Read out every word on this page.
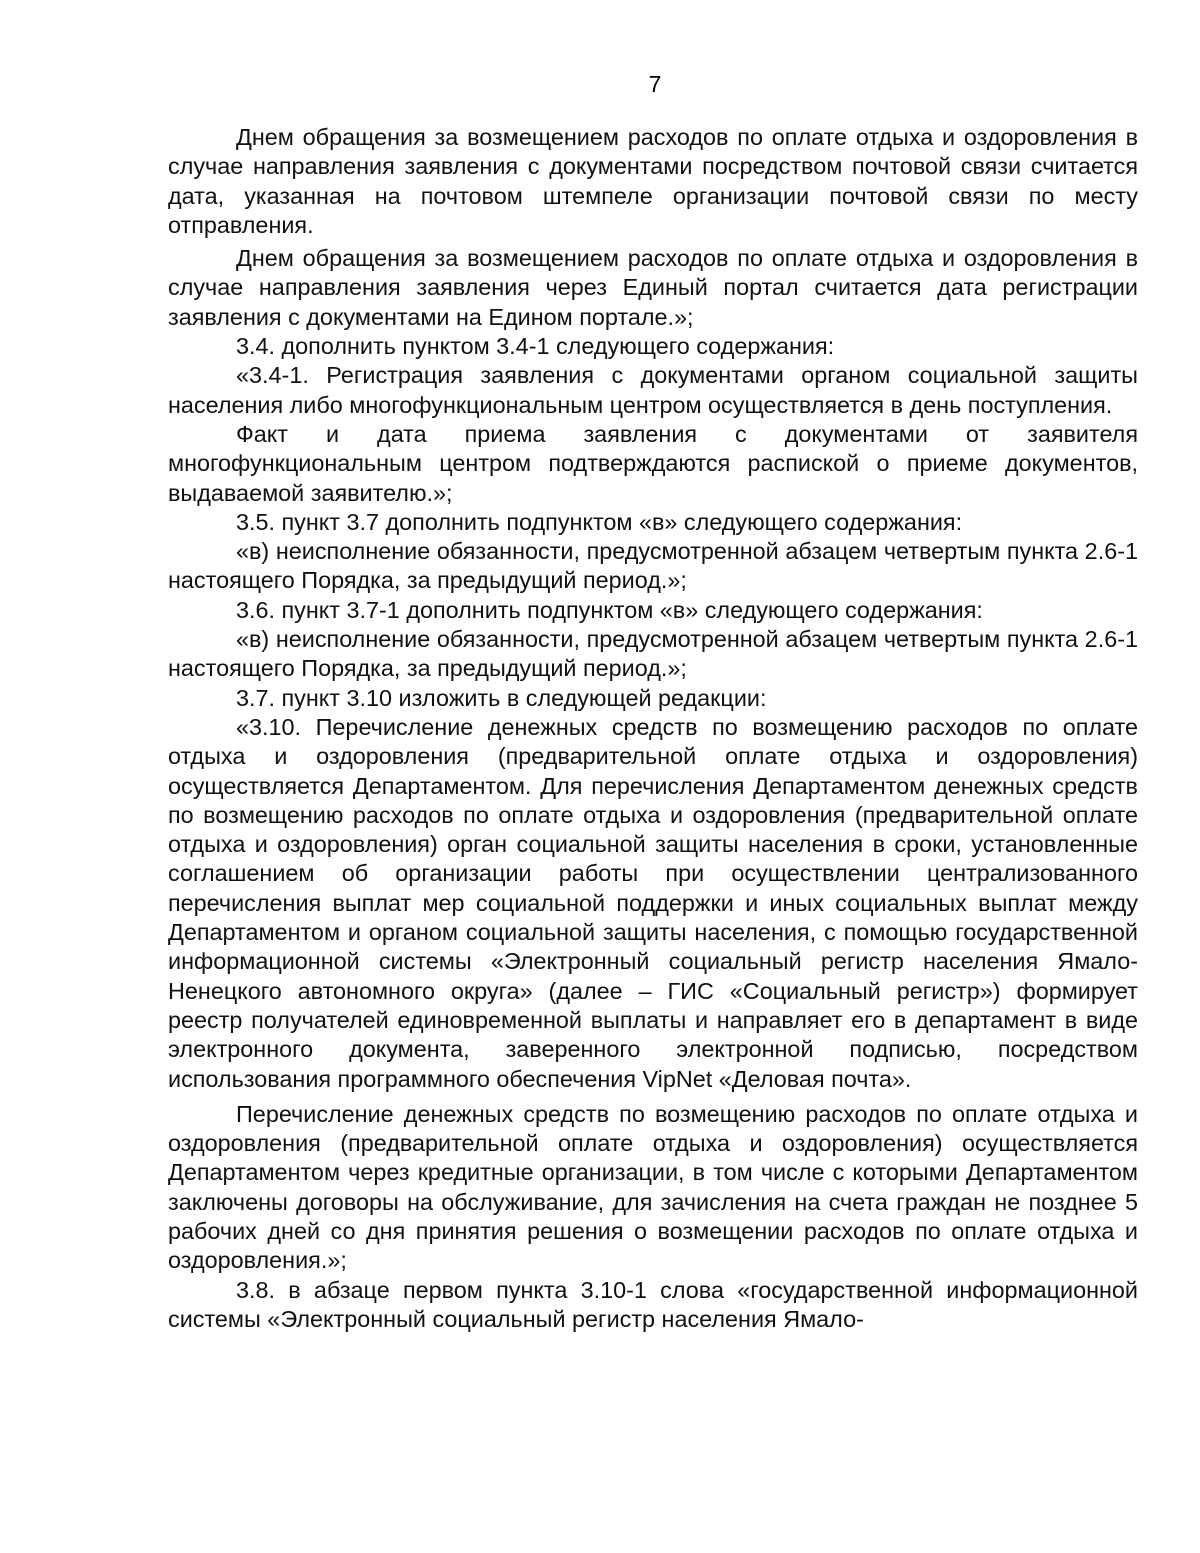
7

Днем обращения за возмещением расходов по оплате отдыха и оздоровления в случае направления заявления с документами посредством почтовой связи считается дата, указанная на почтовом штемпеле организации почтовой связи по месту отправления.

Днем обращения за возмещением расходов по оплате отдыха и оздоровления в случае направления заявления через Единый портал считается дата регистрации заявления с документами на Едином портале.»;

3.4. дополнить пунктом 3.4-1 следующего содержания:

«3.4-1. Регистрация заявления с документами органом социальной защиты населения либо многофункциональным центром осуществляется в день поступления.

Факт и дата приема заявления с документами от заявителя многофункциональным центром подтверждаются распиской о приеме документов, выдаваемой заявителю.»;

3.5. пункт 3.7 дополнить подпунктом «в» следующего содержания:

«в) неисполнение обязанности, предусмотренной абзацем четвертым пункта 2.6-1 настоящего Порядка, за предыдущий период.»;

3.6. пункт 3.7-1 дополнить подпунктом «в» следующего содержания:

«в) неисполнение обязанности, предусмотренной абзацем четвертым пункта 2.6-1 настоящего Порядка, за предыдущий период.»;

3.7. пункт 3.10 изложить в следующей редакции:

«3.10. Перечисление денежных средств по возмещению расходов по оплате отдыха и оздоровления (предварительной оплате отдыха и оздоровления) осуществляется Департаментом. Для перечисления Департаментом денежных средств по возмещению расходов по оплате отдыха и оздоровления (предварительной оплате отдыха и оздоровления) орган социальной защиты населения в сроки, установленные соглашением об организации работы при осуществлении централизованного перечисления выплат мер социальной поддержки и иных социальных выплат между Департаментом и органом социальной защиты населения, с помощью государственной информационной системы «Электронный социальный регистр населения Ямало-Ненецкого автономного округа» (далее – ГИС «Социальный регистр») формирует реестр получателей единовременной выплаты и направляет его в департамент в виде электронного документа, заверенного электронной подписью, посредством использования программного обеспечения VipNet «Деловая почта».

Перечисление денежных средств по возмещению расходов по оплате отдыха и оздоровления (предварительной оплате отдыха и оздоровления) осуществляется Департаментом через кредитные организации, в том числе с которыми Департаментом заключены договоры на обслуживание, для зачисления на счета граждан не позднее 5 рабочих дней со дня принятия решения о возмещении расходов по оплате отдыха и оздоровления.»;

3.8. в абзаце первом пункта 3.10-1 слова «государственной информационной системы «Электронный социальный регистр населения Ямало-
